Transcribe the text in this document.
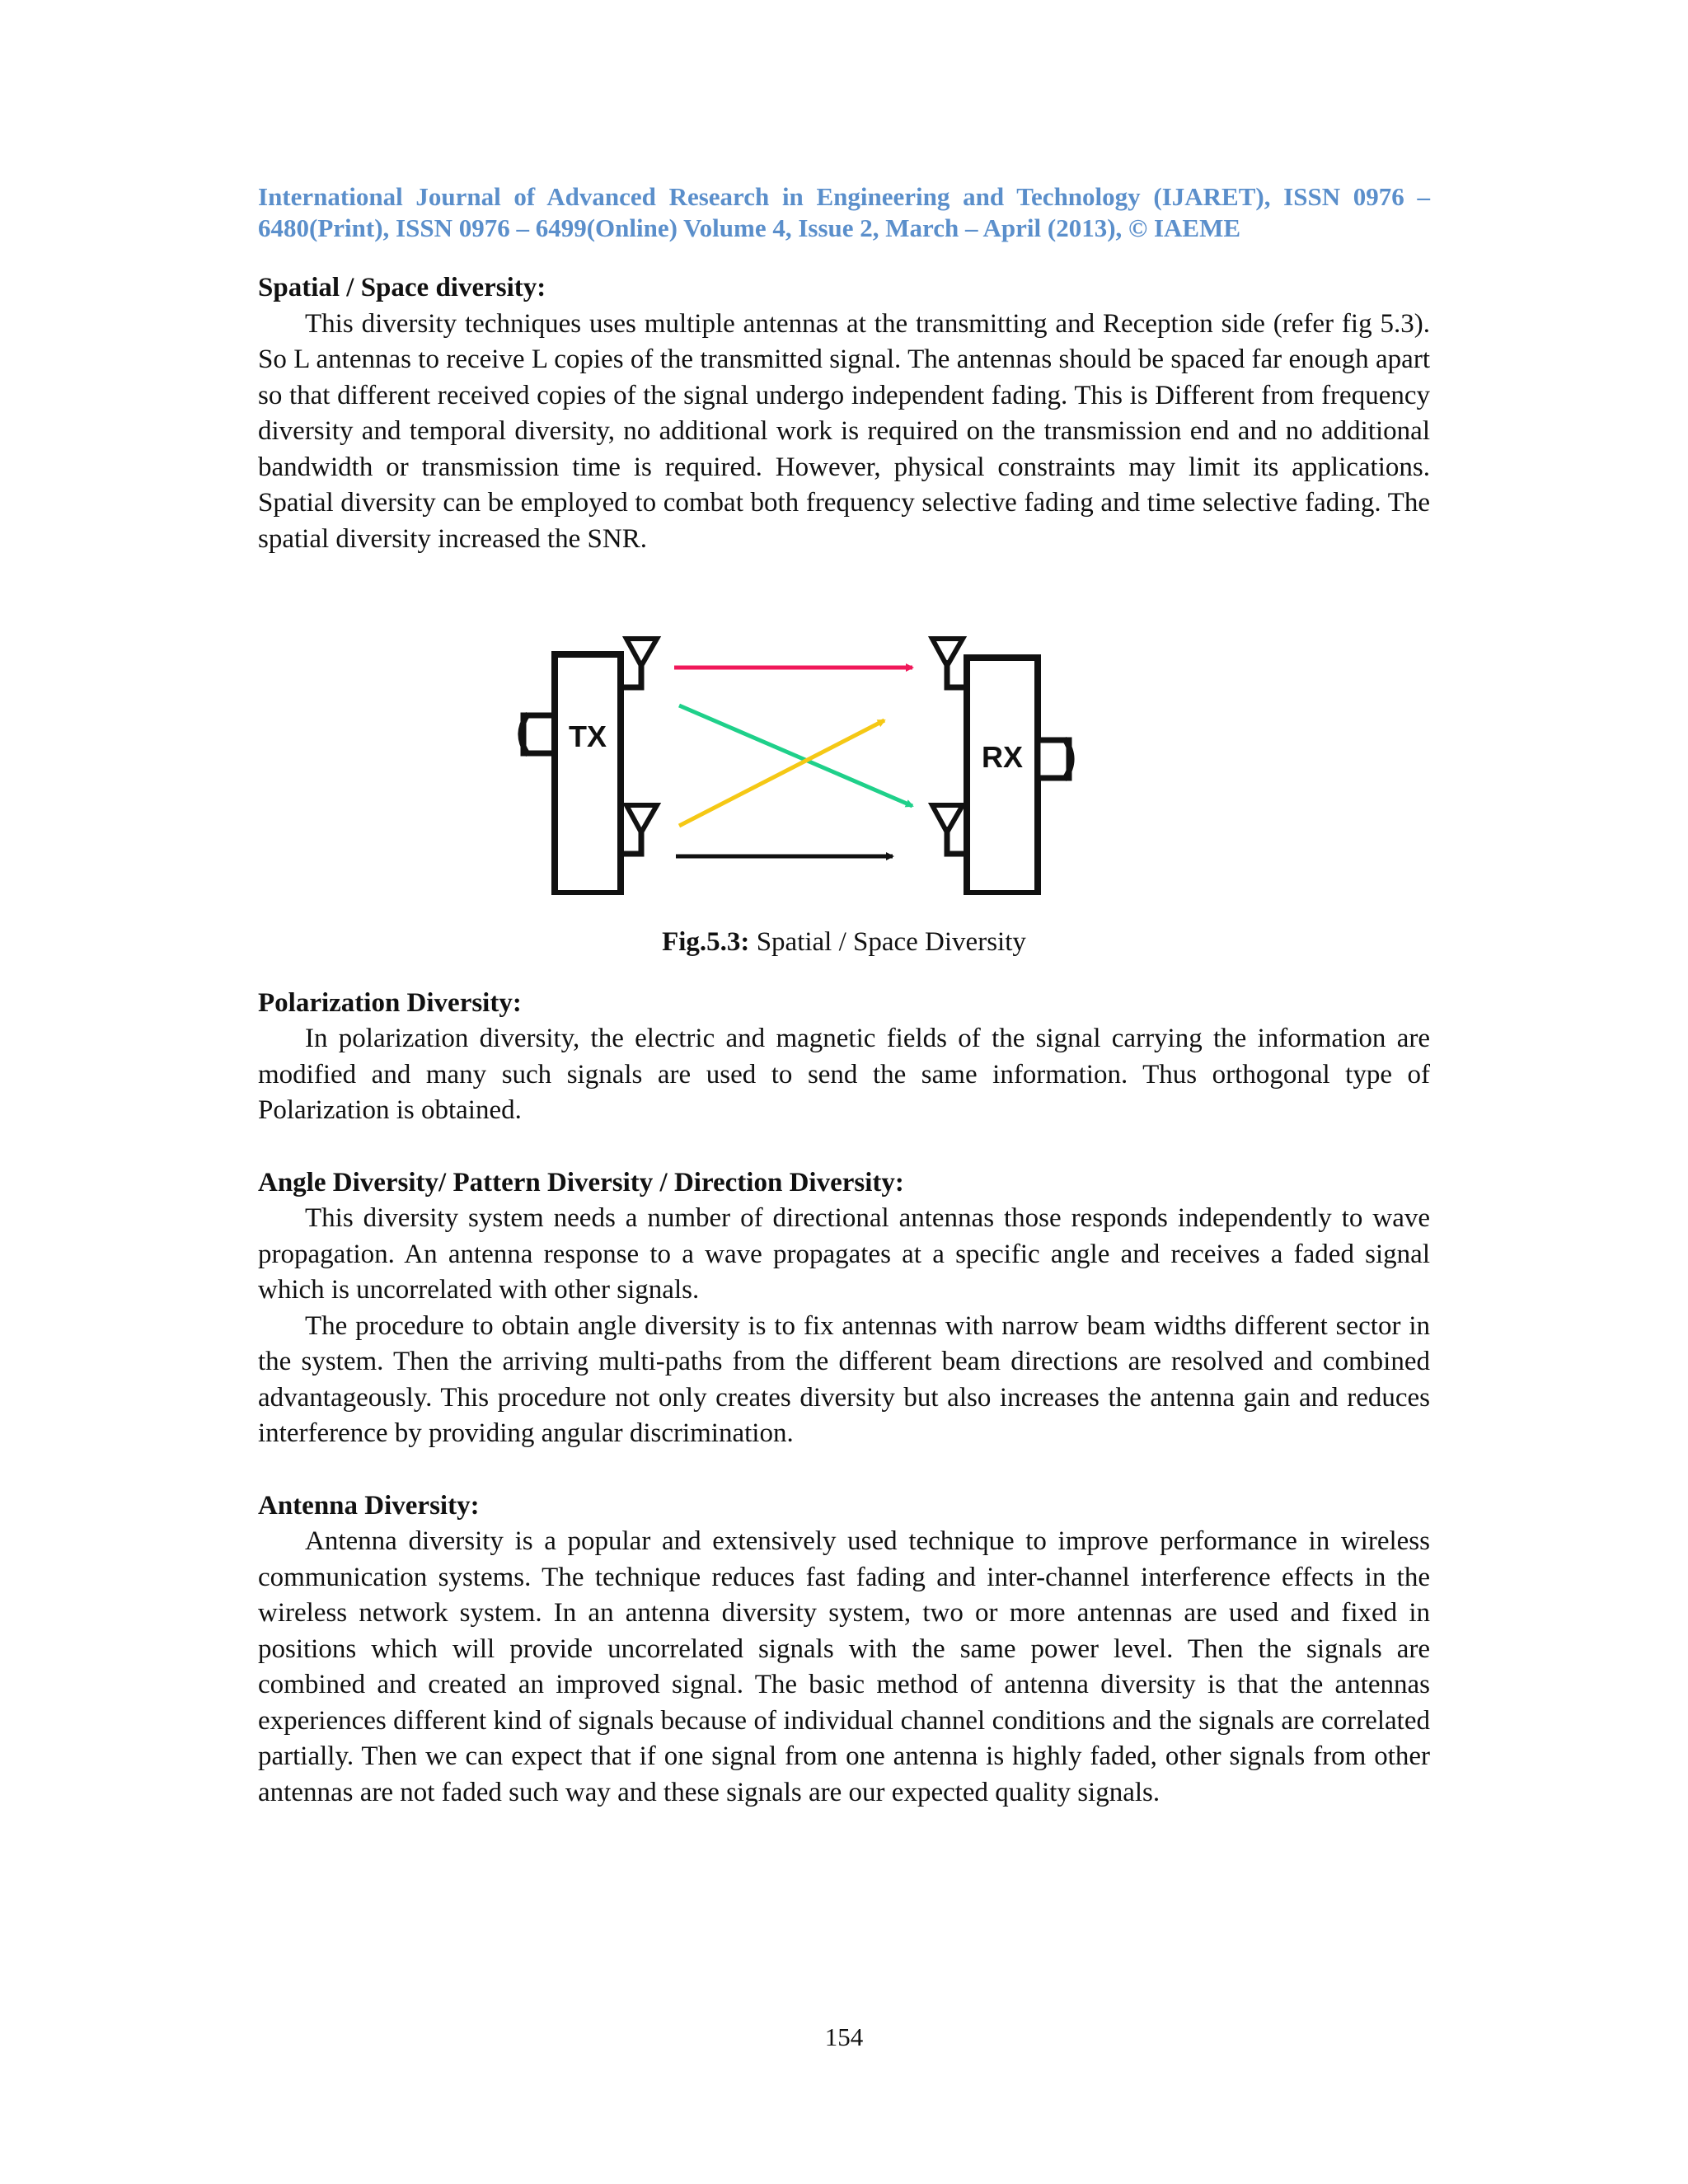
International Journal of Advanced Research in Engineering and Technology (IJARET), ISSN 0976 – 6480(Print), ISSN 0976 – 6499(Online) Volume 4, Issue 2, March – April (2013), © IAEME

Spatial / Space diversity:

This diversity techniques uses multiple antennas at the transmitting and Reception side (refer fig 5.3). So L antennas to receive L copies of the transmitted signal. The antennas should be spaced far enough apart so that different received copies of the signal undergo independent fading. This is Different from frequency diversity and temporal diversity, no additional work is required on the transmission end and no additional bandwidth or transmission time is required. However, physical constraints may limit its applications. Spatial diversity can be employed to combat both frequency selective fading and time selective fading. The spatial diversity increased the SNR.

TX
RX

Fig.5.3: Spatial / Space Diversity

Polarization Diversity:

In polarization diversity, the electric and magnetic fields of the signal carrying the information are modified and many such signals are used to send the same information. Thus orthogonal type of Polarization is obtained.

Angle Diversity/ Pattern Diversity / Direction Diversity:

This diversity system needs a number of directional antennas those responds independently to wave propagation. An antenna response to a wave propagates at a specific angle and receives a faded signal which is uncorrelated with other signals.

The procedure to obtain angle diversity is to fix antennas with narrow beam widths different sector in the system. Then the arriving multi-paths from the different beam directions are resolved and combined advantageously. This procedure not only creates diversity but also increases the antenna gain and reduces interference by providing angular discrimination.

Antenna Diversity:

Antenna diversity is a popular and extensively used technique to improve performance in wireless communication systems. The technique reduces fast fading and inter-channel interference effects in the wireless network system. In an antenna diversity system, two or more antennas are used and fixed in positions which will provide uncorrelated signals with the same power level. Then the signals are combined and created an improved signal. The basic method of antenna diversity is that the antennas experiences different kind of signals because of individual channel conditions and the signals are correlated partially. Then we can expect that if one signal from one antenna is highly faded, other signals from other antennas are not faded such way and these signals are our expected quality signals.

154
